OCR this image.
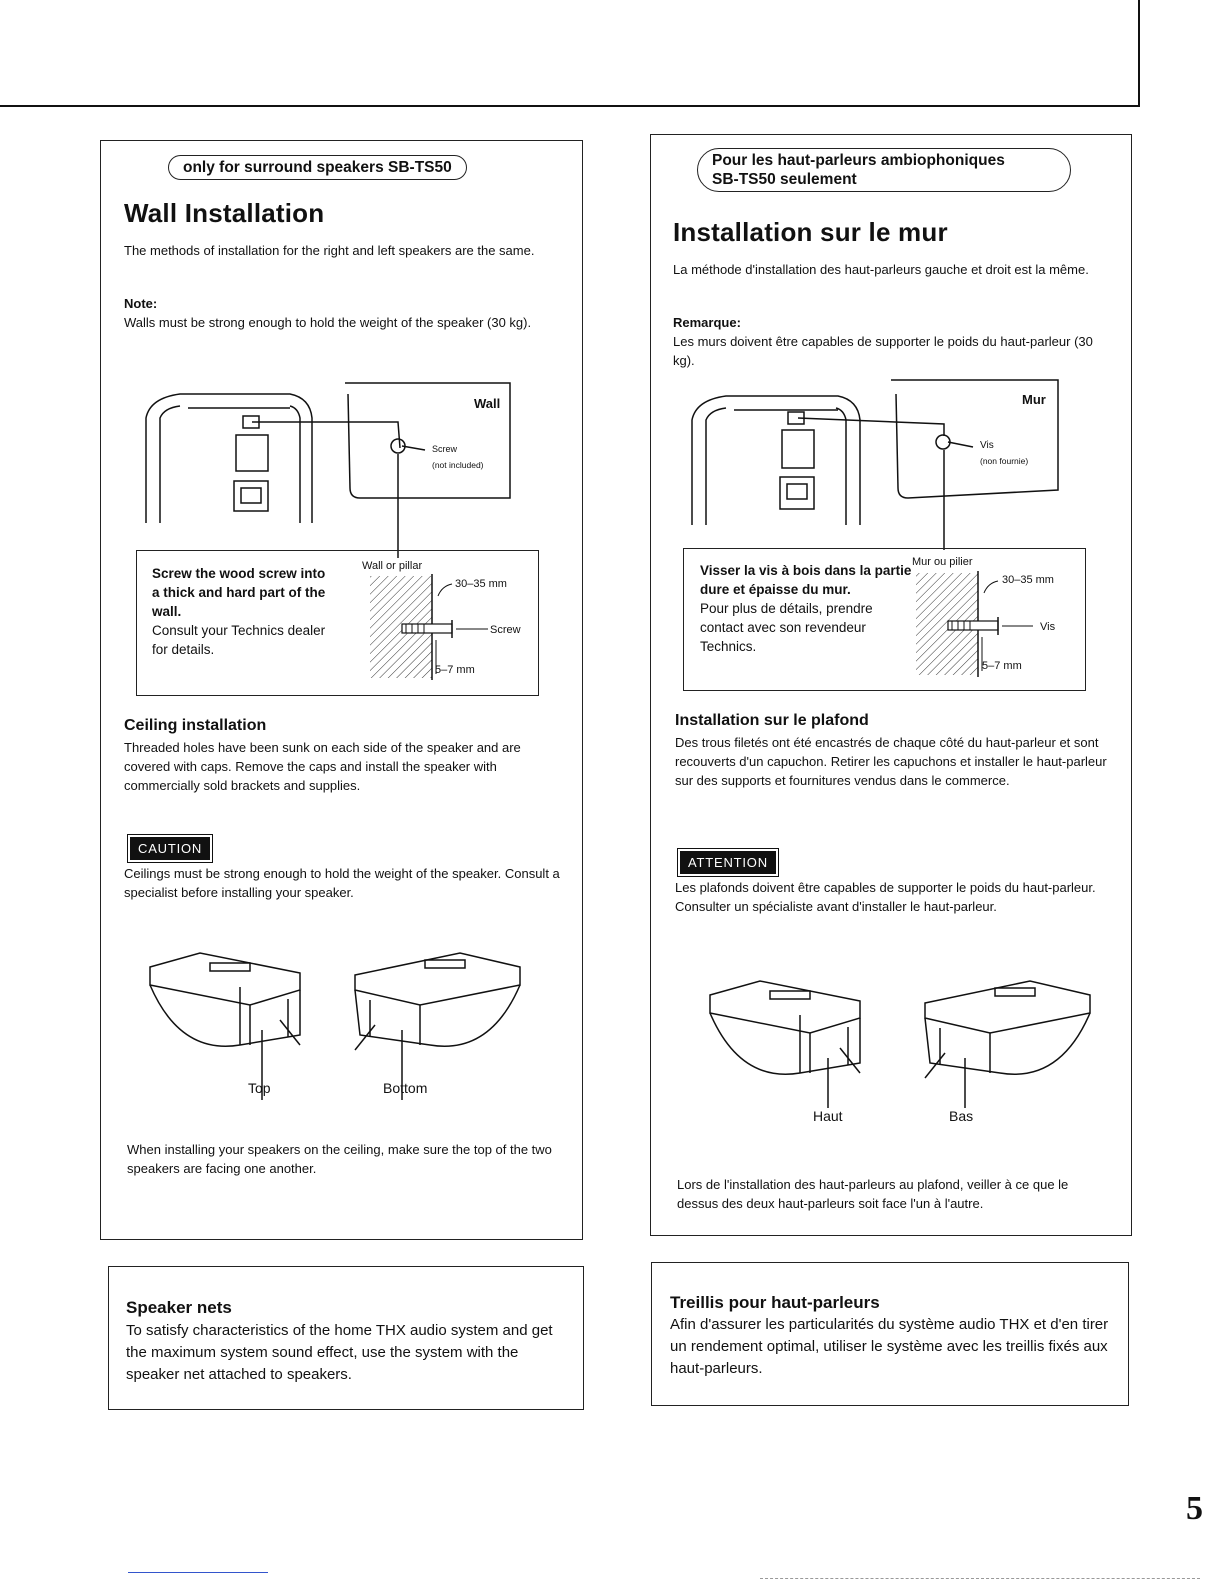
only for surround speakers SB-TS50
Wall Installation

The methods of installation for the right and left speakers are the same.

Note:
Walls must be strong enough to hold the weight of the speaker (30 kg).

Wall
Screw
(not included)
Screw the wood screw into a thick and hard part of the wall.
Consult your Technics dealer for details.
Wall or pillar
30–35 mm
Screw
5–7 mm
Ceiling installation

Threaded holes have been sunk on each side of the speaker and are covered with caps. Remove the caps and install the speaker with commercially sold brackets and supplies.

CAUTION

Ceilings must be strong enough to hold the weight of the speaker. Consult a specialist before installing your speaker.

Top	Bottom

When installing your speakers on the ceiling, make sure the top of the two speakers are facing one another.

Speaker nets

To satisfy characteristics of the home THX audio system and get the maximum system sound effect, use the system with the speaker net attached to speakers.

Pour les haut-parleurs ambiophoniques
SB-TS50 seulement
Installation sur le mur

La méthode d'installation des haut-parleurs gauche et droit est la même.

Remarque:
Les murs doivent être capables de supporter le poids du haut-parleur (30 kg).

Mur
Vis
(non fournie)
Visser la vis à bois dans la partie dure et épaisse du mur.
Pour plus de détails, prendre contact avec son revendeur Technics.
Mur ou pilier
30–35 mm
Vis
5–7 mm
Installation sur le plafond

Des trous filetés ont été encastrés de chaque côté du haut-parleur et sont recouverts d'un capuchon. Retirer les capuchons et installer le haut-parleur sur des supports et fournitures vendus dans le commerce.

ATTENTION

Les plafonds doivent être capables de supporter le poids du haut-parleur. Consulter un spécialiste avant d'installer le haut-parleur.

Haut	Bas

Lors de l'installation des haut-parleurs au plafond, veiller à ce que le dessus des deux haut-parleurs soit face l'un à l'autre.

Treillis pour haut-parleurs

Afin d'assurer les particularités du système audio THX et d'en tirer un rendement optimal, utiliser le système avec les treillis fixés aux haut-parleurs.

5
